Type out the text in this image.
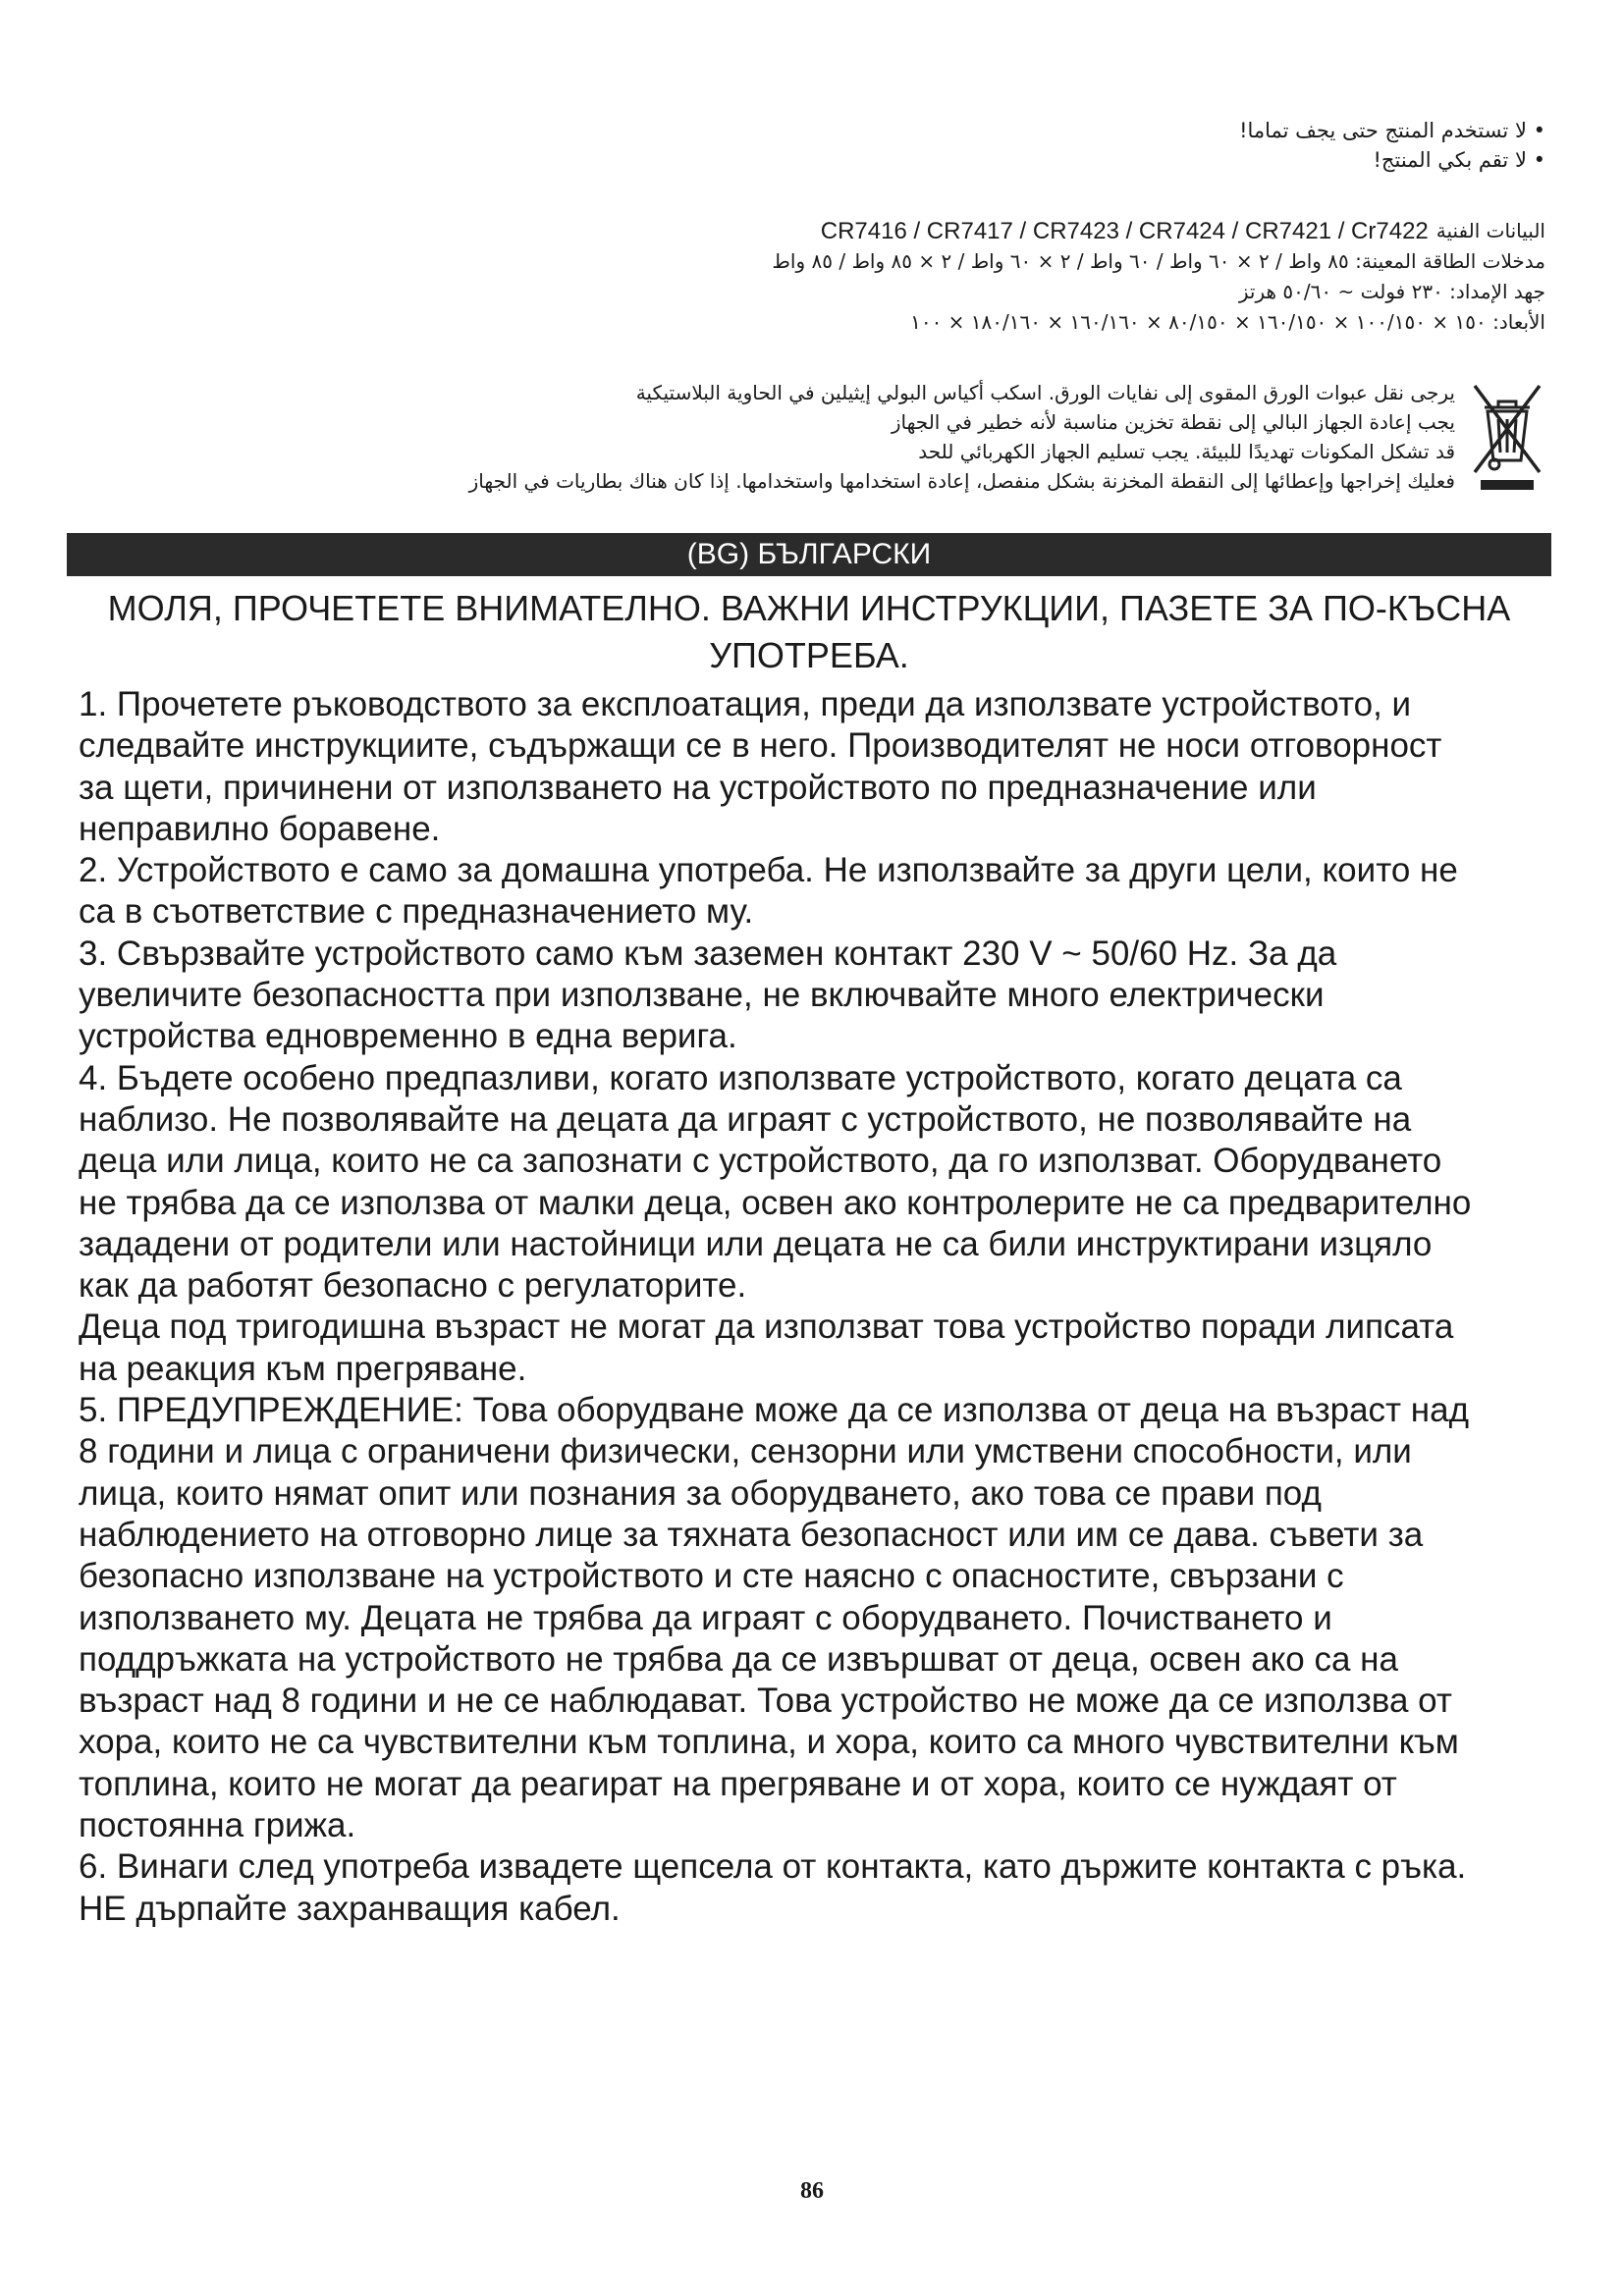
• لا تستخدم المنتج حتى يجف تماما!
• لا تقم بكي المنتج!
البيانات الفنية
CR7416 / CR7417 / CR7423 / CR7424 / CR7421 / Cr7422
مدخلات الطاقة المعينة: ٨٥ واط / ٢ × ٦٠ واط / ٦٠ واط / ٢ × ٦٠ واط / ٢ × ٨٥ واط / ٨٥ واط
جهد الإمداد: ٢٣٠ فولت ~ ٥٠/٦٠ هرتز
الأبعاد: ١٥٠ × ١٠٠/١٥٠ × ١٦٠/١٥٠ × ٨٠/١٥٠ × ١٦٠/١٦٠ × ١٨٠/١٦٠ × ١٠٠
يرجى نقل عبوات الورق المقوى إلى نفايات الورق. اسكب أكياس البولي إيثيلين في الحاوية البلاستيكية
يجب إعادة الجهاز البالي إلى نقطة تخزين مناسبة لأنه خطير في الجهاز
قد تشكل المكونات تهديدًا للبيئة. يجب تسليم الجهاز الكهربائي للحد
فعليك إخراجها وإعطائها إلى النقطة المخزنة بشكل منفصل، إعادة استخدامها واستخدامها. إذا كان هناك بطاريات في الجهاز
(BG) БЪЛГАРСКИ
МОЛЯ, ПРОЧЕТЕТЕ ВНИМАТЕЛНО. ВАЖНИ ИНСТРУКЦИИ, ПАЗЕТЕ ЗА ПО-КЪСНА
УПОТРЕБА.
1. Прочетете ръководството за експлоатация, преди да използвате устройството, и
следвайте инструкциите, съдържащи се в него. Производителят не носи отговорност
за щети, причинени от използването на устройството по предназначение или
неправилно боравене.
2. Устройството е само за домашна употреба. Не използвайте за други цели, които не
са в съответствие с предназначението му.
3. Свързвайте устройството само към заземен контакт 230 V ~ 50/60 Hz. За да
увеличите безопасността при използване, не включвайте много електрически
устройства едновременно в една верига.
4. Бъдете особено предпазливи, когато използвате устройството, когато децата са
наблизо. Не позволявайте на децата да играят с устройството, не позволявайте на
деца или лица, които не са запознати с устройството, да го използват. Оборудването
не трябва да се използва от малки деца, освен ако контролерите не са предварително
зададени от родители или настойници или децата не са били инструктирани изцяло
как да работят безопасно с регулаторите.
Деца под тригодишна възраст не могат да използват това устройство поради липсата
на реакция към прегряване.
5. ПРЕДУПРЕЖДЕНИЕ: Това оборудване може да се използва от деца на възраст над
8 години и лица с ограничени физически, сензорни или умствени способности, или
лица, които нямат опит или познания за оборудването, ако това се прави под
наблюдението на отговорно лице за тяхната безопасност или им се дава. съвети за
безопасно използване на устройството и сте наясно с опасностите, свързани с
използването му. Децата не трябва да играят с оборудването. Почистването и
поддръжката на устройството не трябва да се извършват от деца, освен ако са на
възраст над 8 години и не се наблюдават. Това устройство не може да се използва от
хора, които не са чувствителни към топлина, и хора, които са много чувствителни към
топлина, които не могат да реагират на прегряване и от хора, които се нуждаят от
постоянна грижа.
6. Винаги след употреба извадете щепсела от контакта, като държите контакта с ръка.
НЕ дърпайте захранващия кабел.
86
